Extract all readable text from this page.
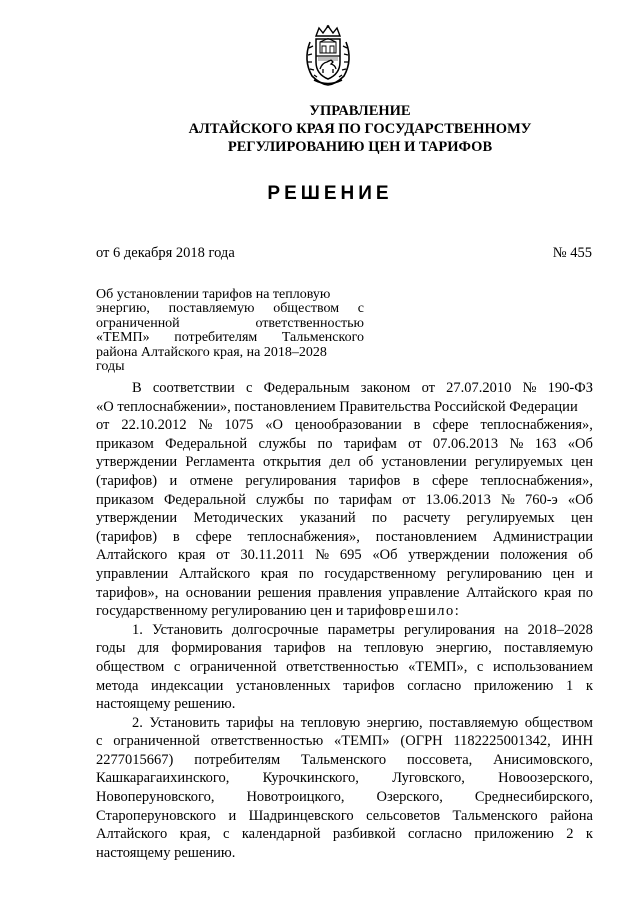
УПРАВЛЕНИЕ
АЛТАЙСКОГО КРАЯ ПО ГОСУДАРСТВЕННОМУ
РЕГУЛИРОВАНИЮ ЦЕН И ТАРИФОВ
РЕШЕНИЕ
от 6 декабря 2018 года	№ 455
Об установлении тарифов на тепловую
энергию, поставляемую обществом с
ограниченной	ответственностью
«ТЕМП» потребителям Тальменского
района Алтайского края, на 2018–2028
годы
В соответствии с Федеральным законом от 27.07.2010 № 190-ФЗ
«О теплоснабжении», постановлением Правительства Российской Федерации
от 22.10.2012 № 1075 «О ценообразовании в сфере теплоснабжения»,
приказом Федеральной службы по тарифам от 07.06.2013 № 163 «Об
утверждении Регламента открытия дел об установлении регулируемых цен
(тарифов) и отмене регулирования тарифов в сфере теплоснабжения»,
приказом Федеральной службы по тарифам от 13.06.2013 № 760-э «Об
утверждении Методических указаний по расчету регулируемых цен
(тарифов) в сфере теплоснабжения», постановлением Администрации
Алтайского края от 30.11.2011 № 695 «Об утверждении положения об
управлении Алтайского края по государственному регулированию цен и
тарифов», на основании решения правления управление Алтайского края по
государственному регулированию цен и тарифов решило :
1. Установить долгосрочные параметры регулирования на 2018–2028
годы для формирования тарифов на тепловую энергию, поставляемую
обществом с ограниченной ответственностью «ТЕМП», с использованием
метода индексации установленных тарифов согласно приложению 1 к
настоящему решению.
2. Установить тарифы на тепловую энергию, поставляемую обществом
с ограниченной ответственностью «ТЕМП» (ОГРН 1182225001342, ИНН
2277015667) потребителям Тальменского поссовета, Анисимовского,
Кашкарагаихинского, Курочкинского, Луговского, Новоозерского,
Новоперуновского, Новотроицкого, Озерского, Среднесибирского,
Староперуновского и Шадринцевского сельсоветов Тальменского района
Алтайского края, с календарной разбивкой согласно приложению 2 к
настоящему решению.
